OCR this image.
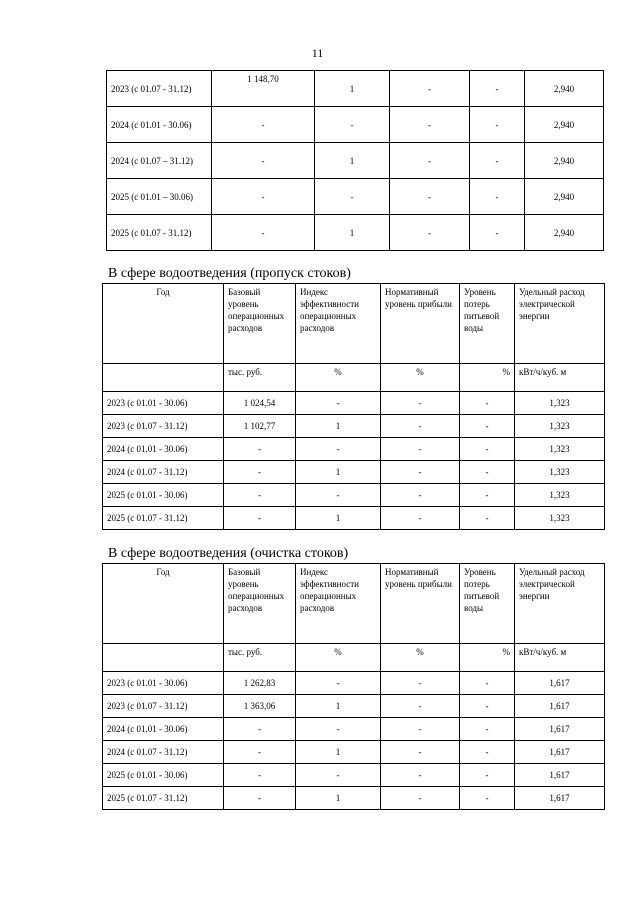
11
2023 (с 01.07 - 31.12)	1 148,70	1	-	-	2,940
2024 (с 01.01 - 30.06)	-	-	-	-	2,940
2024 (с 01.07 – 31.12)	-	1	-	-	2,940
2025 (с 01.01 – 30.06)	-	-	-	-	2,940
2025 (с 01.07 - 31.12)	-	1	-	-	2,940
В сфере водоотведения (пропуск стоков)
Год	Базовый уровень операционных расходов	Индекс эффективности операционных расходов	Нормативный уровень прибыли	Уровень потерь питьевой воды	Удельный расход электрической энергии
	тыс. руб.	%	%	%	кВт/ч/куб. м
2023 (с 01.01 - 30.06)	1 024,54	-	-	-	1,323
2023 (с 01.07 - 31.12)	1 102,77	1	-	-	1,323
2024 (с 01.01 - 30.06)	-	-	-	-	1,323
2024 (с 01.07 - 31.12)	-	1	-	-	1,323
2025 (с 01.01 - 30.06)	-	-	-	-	1,323
2025 (с 01.07 - 31.12)	-	1	-	-	1,323
В сфере водоотведения (очистка стоков)
Год	Базовый уровень операционных расходов	Индекс эффективности операционных расходов	Нормативный уровень прибыли	Уровень потерь питьевой воды	Удельный расход электрической энергии
	тыс. руб.	%	%	%	кВт/ч/куб. м
2023 (с 01.01 - 30.06)	1 262,83	-	-	-	1,617
2023 (с 01.07 - 31.12)	1 363,06	1	-	-	1,617
2024 (с 01.01 - 30.06)	-	-	-	-	1,617
2024 (с 01.07 - 31.12)	-	1	-	-	1,617
2025 (с 01.01 - 30.06)	-	-	-	-	1,617
2025 (с 01.07 - 31.12)	-	1	-	-	1,617
